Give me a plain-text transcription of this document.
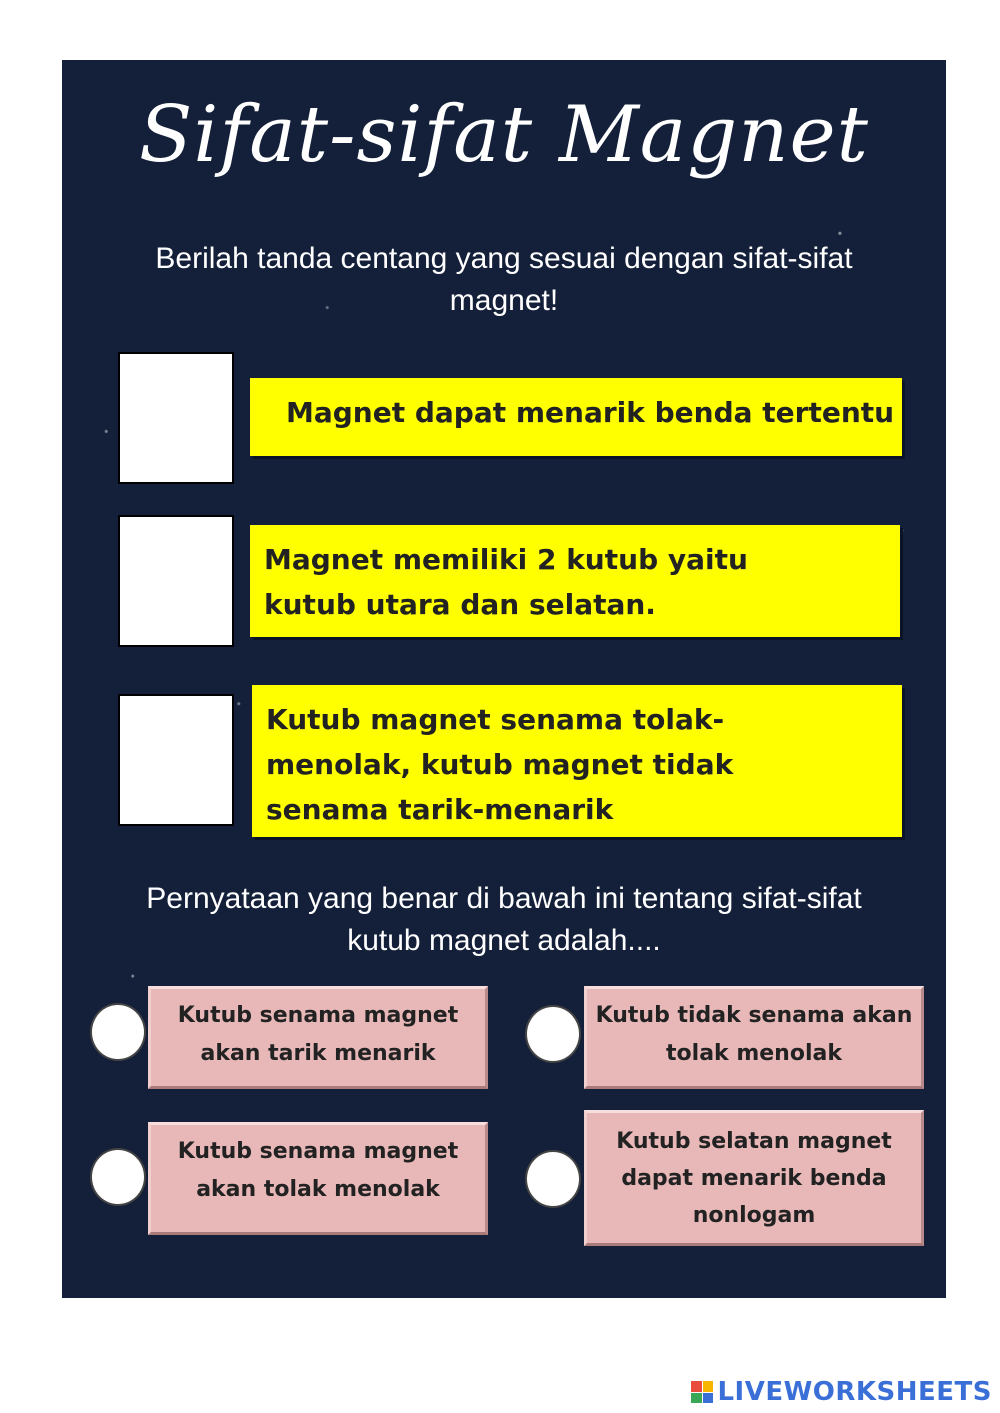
Sifat-sifat Magnet
Berilah tanda centang yang sesuai dengan sifat-sifat magnet!
Magnet dapat menarik benda tertentu
Magnet memiliki 2 kutub yaitu kutub utara dan selatan.
Kutub magnet senama tolak-menolak, kutub magnet tidak senama tarik-menarik
Pernyataan yang benar di bawah ini tentang sifat-sifat kutub magnet adalah....
Kutub senama magnet akan tarik menarik
Kutub tidak senama akan tolak menolak
Kutub senama magnet akan tolak menolak
Kutub selatan magnet dapat menarik benda nonlogam
LIVEWORKSHEETS
